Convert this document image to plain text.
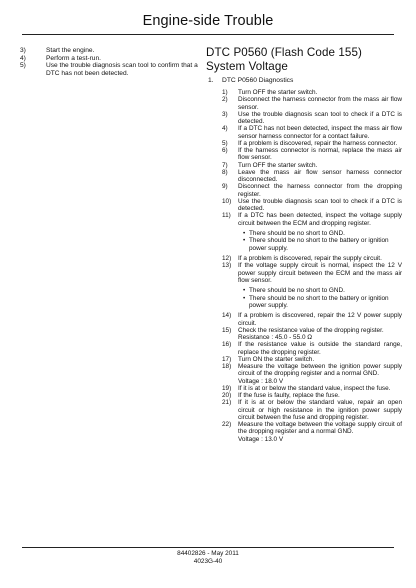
Engine-side Trouble
3)	Start the engine.
4)	Perform a test-run.
5)	Use the trouble diagnosis scan tool to confirm that a DTC has not been detected.
DTC P0560 (Flash Code 155)
System Voltage
1.	DTC P0560 Diagnostics
1)	Turn OFF the starter switch.
2)	Disconnect the harness connector from the mass air flow sensor.
3)	Use the trouble diagnosis scan tool to check if a DTC is detected.
4)	If a DTC has not been detected, inspect the mass air flow sensor harness connector for a contact failure.
5)	If a problem is discovered, repair the harness connector.
6)	If the harness connector is normal, replace the mass air flow sensor.
7)	Turn OFF the starter switch.
8)	Leave the mass air flow sensor harness connector disconnected.
9)	Disconnect the harness connector from the dropping register.
10)	Use the trouble diagnosis scan tool to check if a DTC is detected.
11)	If a DTC has been detected, inspect the voltage supply circuit between the ECM and dropping register.
• There should be no short to GND.
• There should be no short to the battery or ignition power supply.
12)	If a problem is discovered, repair the supply circuit.
13)	If the voltage supply circuit is normal, inspect the 12 V power supply circuit between the ECM and the mass air flow sensor.
• There should be no short to GND.
• There should be no short to the battery or ignition power supply.
14)	If a problem is discovered, repair the 12 V power supply circuit.
15)	Check the resistance value of the dropping register.
Resistance : 45.0 - 55.0 Ω
16)	If the resistance value is outside the standard range, replace the dropping register.
17)	Turn ON the starter switch.
18)	Measure the voltage between the ignition power supply circuit of the dropping register and a normal GND.
Voltage : 18.0 V
19)	If it is at or below the standard value, inspect the fuse.
20)	If the fuse is faulty, replace the fuse.
21)	If it is at or below the standard value, repair an open circuit or high resistance in the ignition power supply circuit between the fuse and dropping register.
22)	Measure the voltage between the voltage supply circuit of the dropping register and a normal GND.
Voltage : 13.0 V
84402826 - May 2011
4023G-40
